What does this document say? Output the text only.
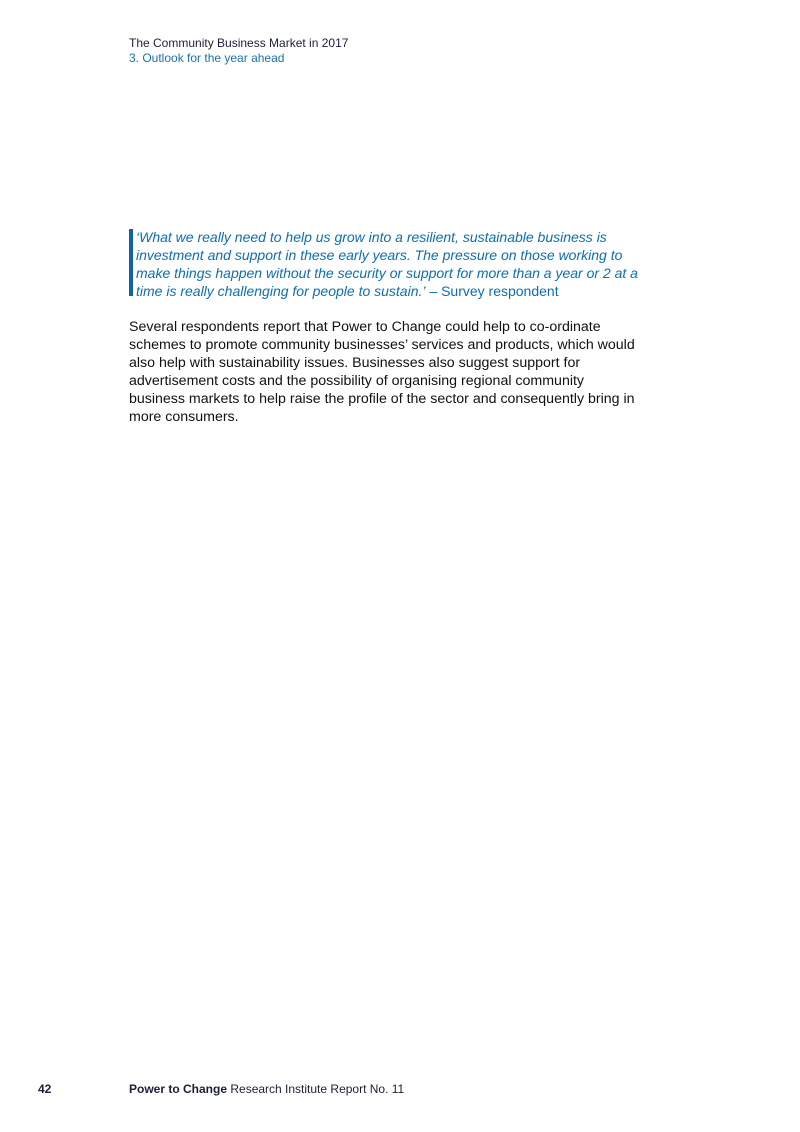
The Community Business Market in 2017
3. Outlook for the year ahead
‘What we really need to help us grow into a resilient, sustainable business is investment and support in these early years. The pressure on those working to make things happen without the security or support for more than a year or 2 at a time is really challenging for people to sustain.’ – Survey respondent

Several respondents report that Power to Change could help to co-ordinate schemes to promote community businesses’ services and products, which would also help with sustainability issues. Businesses also suggest support for advertisement costs and the possibility of organising regional community business markets to help raise the profile of the sector and consequently bring in more consumers.

42	Power to Change Research Institute Report No. 11
